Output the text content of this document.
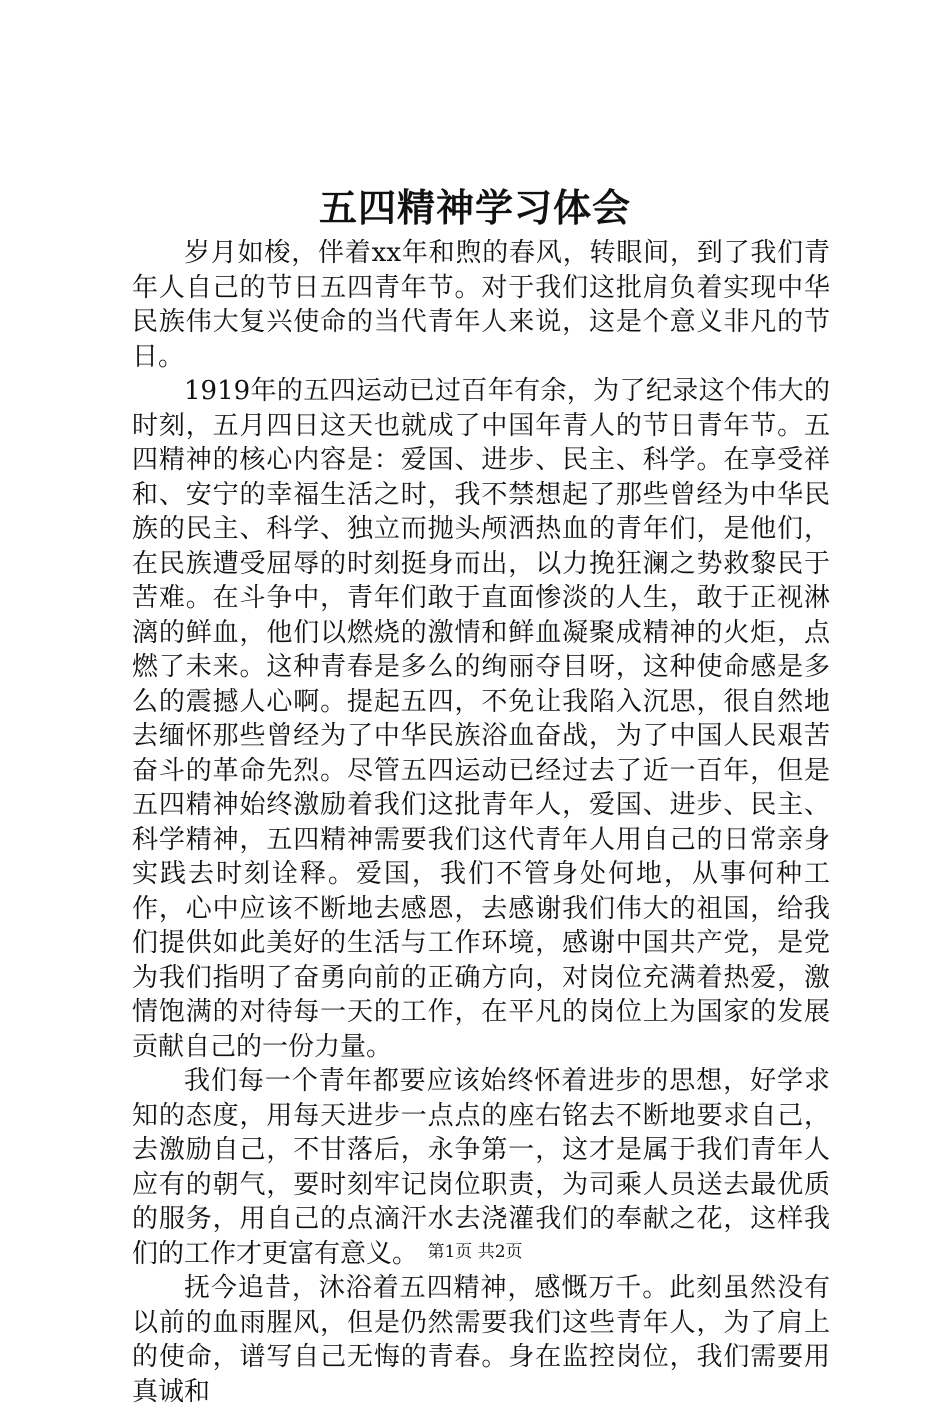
五四精神学习体会

岁月如梭，伴着xx年和煦的春风，转眼间，到了我们青年人自己的节日五四青年节。对于我们这批肩负着实现中华民族伟大复兴使命的当代青年人来说，这是个意义非凡的节日。

1919年的五四运动已过百年有余，为了纪录这个伟大的时刻，五月四日这天也就成了中国年青人的节日青年节。五四精神的核心内容是：爱国、进步、民主、科学。在享受祥和、安宁的幸福生活之时，我不禁想起了那些曾经为中华民族的民主、科学、独立而抛头颅洒热血的青年们，是他们，在民族遭受屈辱的时刻挺身而出，以力挽狂澜之势救黎民于苦难。在斗争中，青年们敢于直面惨淡的人生，敢于正视淋漓的鲜血，他们以燃烧的激情和鲜血凝聚成精神的火炬，点燃了未来。这种青春是多么的绚丽夺目呀，这种使命感是多么的震撼人心啊。提起五四，不免让我陷入沉思，很自然地去缅怀那些曾经为了中华民族浴血奋战，为了中国人民艰苦奋斗的革命先烈。尽管五四运动已经过去了近一百年，但是五四精神始终激励着我们这批青年人，爱国、进步、民主、科学精神，五四精神需要我们这代青年人用自己的日常亲身实践去时刻诠释。爱国，我们不管身处何地，从事何种工作，心中应该不断地去感恩，去感谢我们伟大的祖国，给我们提供如此美好的生活与工作环境，感谢中国共产党，是党为我们指明了奋勇向前的正确方向，对岗位充满着热爱，激情饱满的对待每一天的工作，在平凡的岗位上为国家的发展贡献自己的一份力量。

我们每一个青年都要应该始终怀着进步的思想，好学求知的态度，用每天进步一点点的座右铭去不断地要求自己，去激励自己，不甘落后，永争第一，这才是属于我们青年人应有的朝气，要时刻牢记岗位职责，为司乘人员送去最优质的服务，用自己的点滴汗水去浇灌我们的奉献之花，这样我们的工作才更富有意义。

抚今追昔，沐浴着五四精神，感慨万千。此刻虽然没有以前的血雨腥风，但是仍然需要我们这些青年人，为了肩上的使命，谱写自己无悔的青春。身在监控岗位，我们需要用真诚和

第1页 共2页
